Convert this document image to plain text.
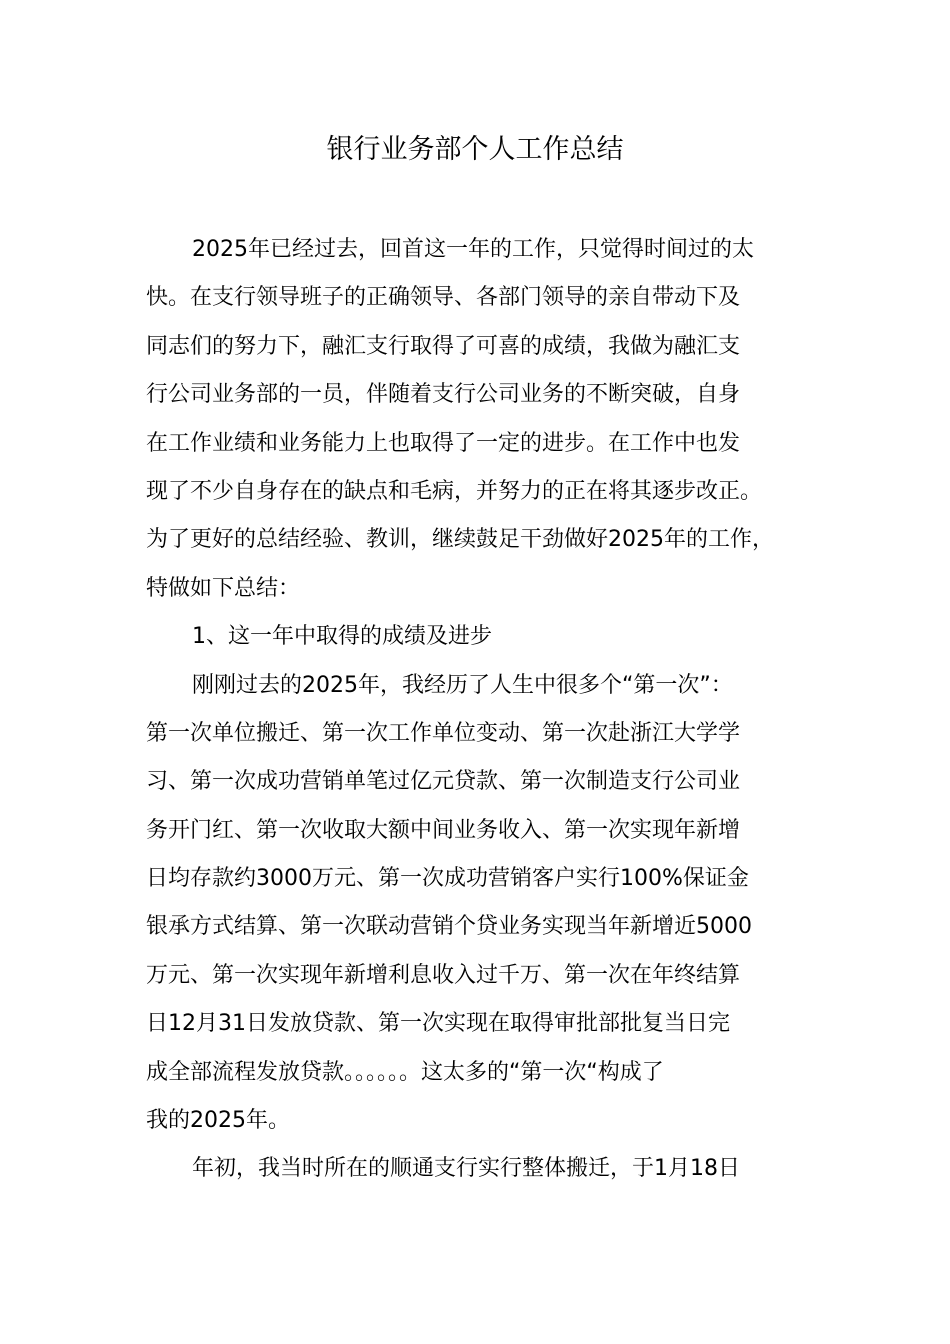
银行业务部个人工作总结
2025年已经过去，回首这一年的工作，只觉得时间过的太
快。在支行领导班子的正确领导、各部门领导的亲自带动下及
同志们的努力下，融汇支行取得了可喜的成绩，我做为融汇支
行公司业务部的一员，伴随着支行公司业务的不断突破，自身
在工作业绩和业务能力上也取得了一定的进步。在工作中也发
现了不少自身存在的缺点和毛病，并努力的正在将其逐步改正。
为了更好的总结经验、教训，继续鼓足干劲做好2025年的工作，
特做如下总结：
1、这一年中取得的成绩及进步
刚刚过去的2025年，我经历了人生中很多个“第一次”：
第一次单位搬迁、第一次工作单位变动、第一次赴浙江大学学
习、第一次成功营销单笔过亿元贷款、第一次制造支行公司业
务开门红、第一次收取大额中间业务收入、第一次实现年新增
日均存款约3000万元、第一次成功营销客户实行100%保证金
银承方式结算、第一次联动营销个贷业务实现当年新增近5000
万元、第一次实现年新增利息收入过千万、第一次在年终结算
日12月31日发放贷款、第一次实现在取得审批部批复当日完
成全部流程发放贷款。。。。。。这太多的“第一次“构成了
我的2025年。
年初，我当时所在的顺通支行实行整体搬迁，于1月18日
